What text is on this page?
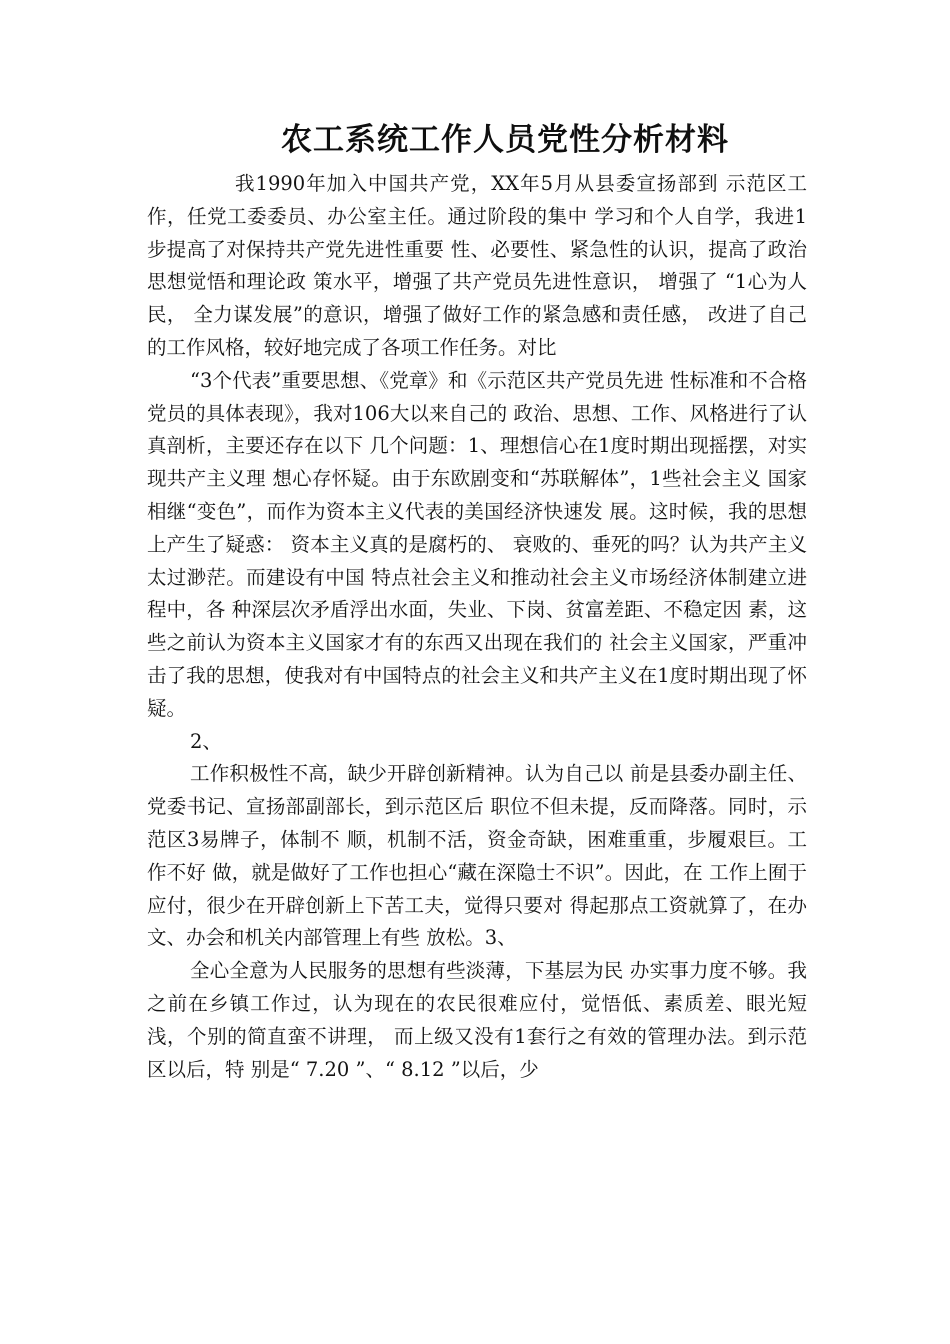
农工系统工作人员党性分析材料

我1990年加入中国共产党，XX年5月从县委宣扬部到 示范区工作，任党工委委员、办公室主任。通过阶段的集中 学习和个人自学，我进1步提高了对保持共产党先进性重要 性、必要性、紧急性的认识，提高了政治思想觉悟和理论政 策水平，增强了共产党员先进性意识， 增强了 “1心为人民， 全力谋发展”的意识，增强了做好工作的紧急感和责任感， 改进了自己的工作风格，较好地完成了各项工作任务。对比

“3个代表”重要思想、《党章》和《示范区共产党员先进 性标准和不合格党员的具体表现》，我对106大以来自己的 政治、思想、工作、风格进行了认真剖析，主要还存在以下 几个问题：1、理想信心在1度时期出现摇摆，对实现共产主义理 想心存怀疑。由于东欧剧变和“苏联解体”，1些社会主义 国家相继“变色”，而作为资本主义代表的美国经济快速发 展。这时候，我的思想上产生了疑惑： 资本主义真的是腐朽的、 衰败的、垂死的吗？认为共产主义太过渺茫。而建设有中国 特点社会主义和推动社会主义市场经济体制建立进程中，各 种深层次矛盾浮出水面，失业、下岗、贫富差距、不稳定因 素，这些之前认为资本主义国家才有的东西又出现在我们的 社会主义国家，严重冲击了我的思想，使我对有中国特点的社会主义和共产主义在1度时期出现了怀疑。

2、

工作积极性不高，缺少开辟创新精神。认为自己以 前是县委办副主任、党委书记、宣扬部副部长，到示范区后 职位不但未提，反而降落。同时，示范区3易牌子，体制不 顺，机制不活，资金奇缺，困难重重，步履艰巨。工作不好 做，就是做好了工作也担心“藏在深隐士不识”。因此，在 工作上囿于应付，很少在开辟创新上下苦工夫，觉得只要对 得起那点工资就算了，在办文、办会和机关内部管理上有些 放松。3、

全心全意为人民服务的思想有些淡薄，下基层为民 办实事力度不够。我之前在乡镇工作过，认为现在的农民很难应付，觉悟低、素质差、眼光短浅，个别的简直蛮不讲理， 而上级又没有1套行之有效的管理办法。到示范区以后，特 别是“ 7.20 ”、“ 8.12 ”以后，少
